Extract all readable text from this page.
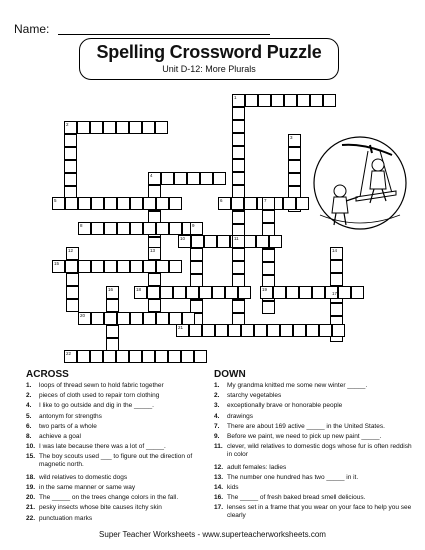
Name:
Spelling Crossword Puzzle
Unit D-12: More Plurals
1
2
3
4
5	6	7
8	9
10	11
12	13	14
15
16
17
18	19
20
21
22
ACROSS	DOWN
1. loops of thread sewn to hold fabric together
2. pieces of cloth used to repair torn clothing
4. I like to go outside and dig in the _____.
5. antonym for strengths
6. two parts of a whole
8. achieve a goal
10. I was late because there was a lot of _____.
15. The boy scouts used ___ to figure out the direction of magnetic north.
18. wild relatives to domestic dogs
19. in the same manner or same way
20. The _____ on the trees change colors in the fall.
21. pesky insects whose bite causes itchy skin
22. punctuation marks
1. My grandma knitted me some new winter _____.
2. starchy vegetables
3. exceptionally brave or honorable people
4. drawings
7. There are about 169 active _____ in the United States.
9. Before we paint, we need to pick up new paint _____.
11. clever, wild relatives to domestic dogs whose fur is often reddish in color
12. adult females: ladies
13. The number one hundred has two _____ in it.
14. kids
16. The _____ of fresh baked bread smell delicious.
17. lenses set in a frame that you wear on your face to help you see clearly
Super Teacher Worksheets - www.superteacherworksheets.com
